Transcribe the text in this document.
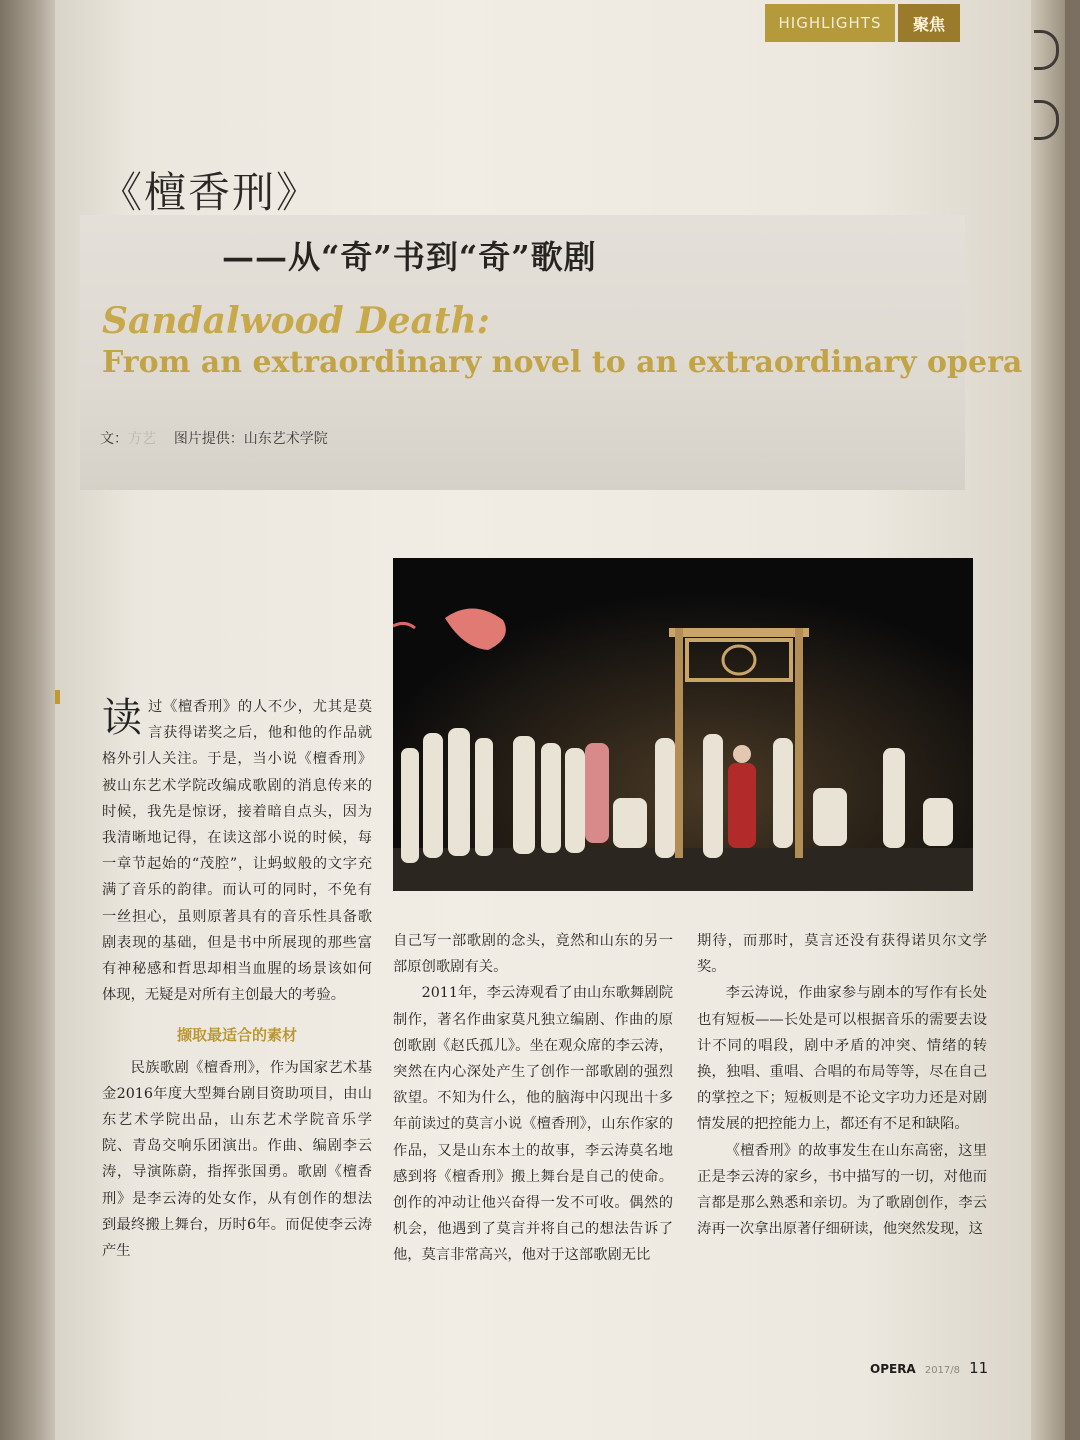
HIGHLIGHTS	聚焦
《檀香刑》
——从“奇”书到“奇”歌剧
Sandalwood Death:
From an extraordinary novel to an extraordinary opera
文：方艺 图片提供：山东艺术学院
读 过《檀香刑》的人不少，尤其是莫言获得诺奖之后，他和他的作品就格外引人关注。于是，当小说《檀香刑》被山东艺术学院改编成歌剧的消息传来的时候，我先是惊讶，接着暗自点头，因为我清晰地记得，在读这部小说的时候，每一章节起始的“茂腔”，让蚂蚁般的文字充满了音乐的韵律。而认可的同时，不免有一丝担心，虽则原著具有的音乐性具备歌剧表现的基础，但是书中所展现的那些富有神秘感和哲思却相当血腥的场景该如何体现，无疑是对所有主创最大的考验。

撷取最适合的素材

民族歌剧《檀香刑》，作为国家艺术基金2016年度大型舞台剧目资助项目，由山东艺术学院出品，山东艺术学院音乐学院、青岛交响乐团演出。作曲、编剧李云涛，导演陈蔚，指挥张国勇。歌剧《檀香刑》是李云涛的处女作，从有创作的想法到最终搬上舞台，历时6年。而促使李云涛产生

自己写一部歌剧的念头，竟然和山东的另一部原创歌剧有关。

2011年，李云涛观看了由山东歌舞剧院制作，著名作曲家莫凡独立编剧、作曲的原创歌剧《赵氏孤儿》。坐在观众席的李云涛，突然在内心深处产生了创作一部歌剧的强烈欲望。不知为什么，他的脑海中闪现出十多年前读过的莫言小说《檀香刑》，山东作家的作品，又是山东本土的故事，李云涛莫名地感到将《檀香刑》搬上舞台是自己的使命。创作的冲动让他兴奋得一发不可收。偶然的机会，他遇到了莫言并将自己的想法告诉了他，莫言非常高兴，他对于这部歌剧无比

期待，而那时，莫言还没有获得诺贝尔文学奖。

李云涛说，作曲家参与剧本的写作有长处也有短板——长处是可以根据音乐的需要去设计不同的唱段，剧中矛盾的冲突、情绪的转换，独唱、重唱、合唱的布局等等，尽在自己的掌控之下；短板则是不论文字功力还是对剧情发展的把控能力上，都还有不足和缺陷。

《檀香刑》的故事发生在山东高密，这里正是李云涛的家乡，书中描写的一切，对他而言都是那么熟悉和亲切。为了歌剧创作，李云涛再一次拿出原著仔细研读，他突然发现，这

OPERA 2017/8 11
